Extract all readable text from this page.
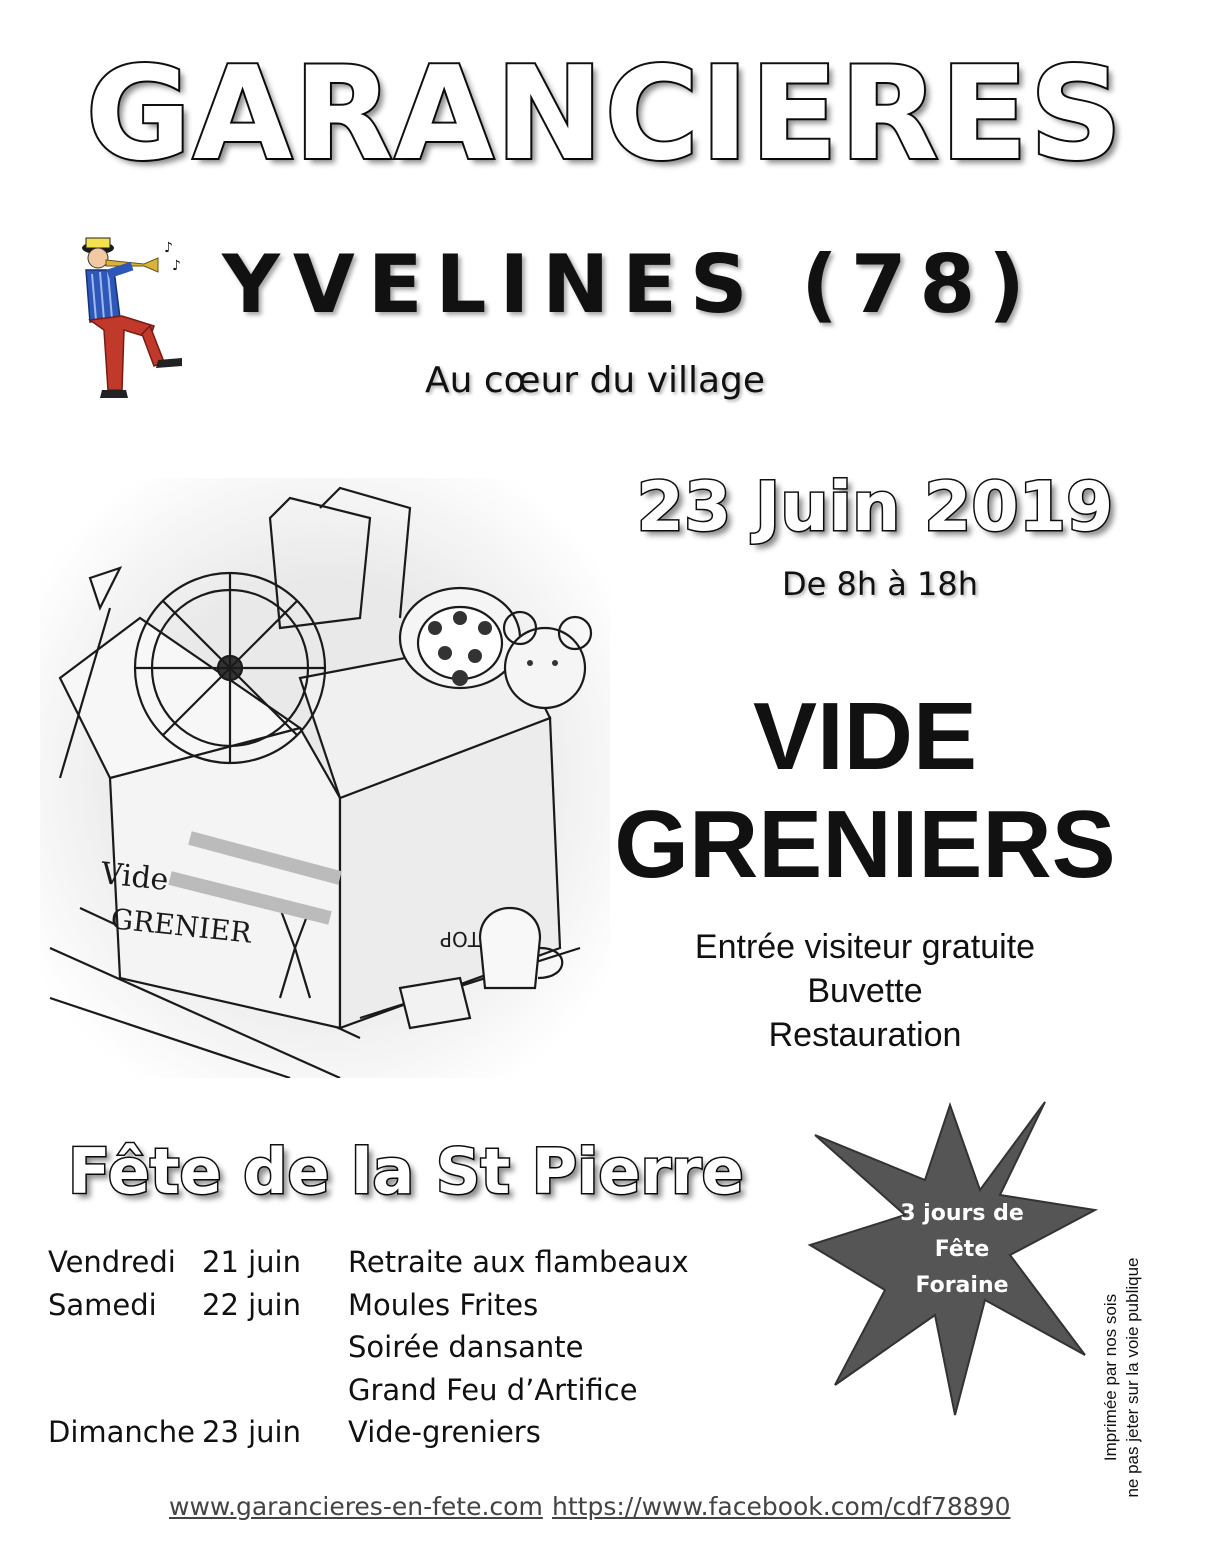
GARANCIERES
♪
♪ YVELINES (78)
Au cœur du village
Vide
GRENIER	TOP
23 Juin 2019
De 8h à 18h
VIDE
GRENIERS
Entrée visiteur gratuite
Buvette
Restauration
Fête de la St Pierre
Vendredi 21 juin Retraite aux flambeaux
Samedi 22 juin Moules Frites
Soirée dansante
Grand Feu d’Artifice
Dimanche 23 juin Vide-greniers
3 jours de
Fête
Foraine
www.garancieres-en-fete.com https://www.facebook.com/cdf78890
Imprimée par nos sois ne pas jeter sur la voie publique
